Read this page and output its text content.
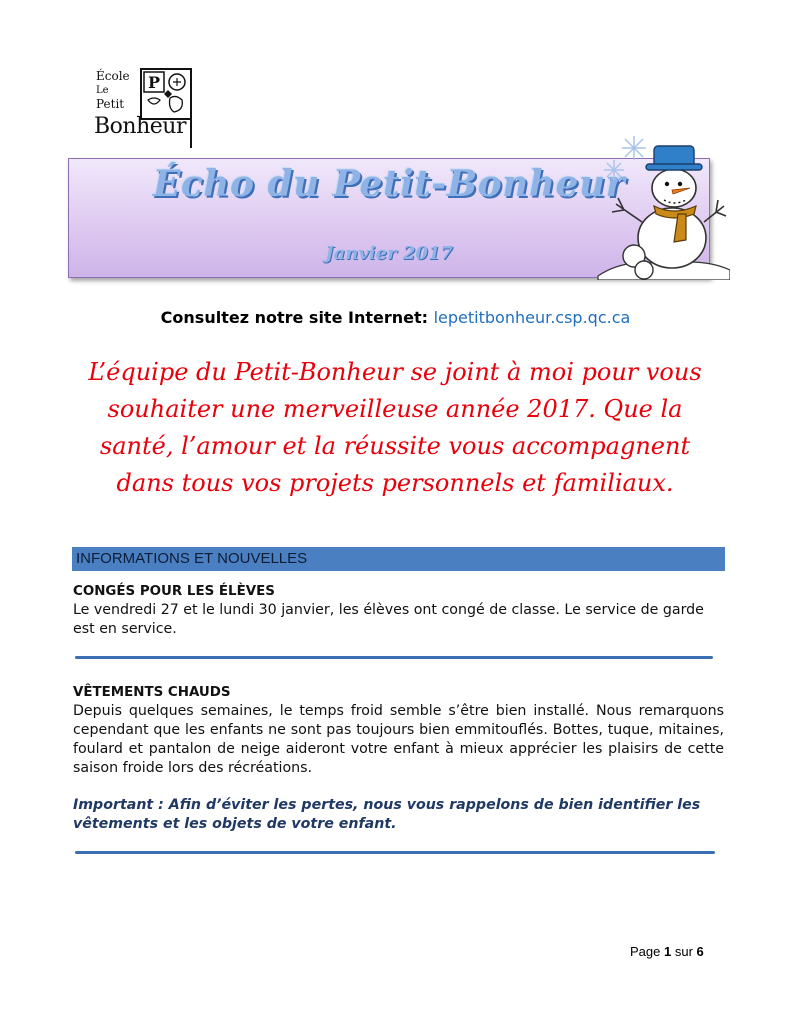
École
Le
Petit
Bonheur
P
Écho du Petit-Bonheur
Janvier 2017
Consultez notre site Internet: lepetitbonheur.csp.qc.ca
L’équipe du Petit-Bonheur se joint à moi pour vous souhaiter une merveilleuse année 2017. Que la santé, l’amour et la réussite vous accompagnent dans tous vos projets personnels et familiaux.
INFORMATIONS ET NOUVELLES
CONGÉS POUR LES ÉLÈVES
Le vendredi 27 et le lundi 30 janvier, les élèves ont congé de classe. Le service de garde est en service.
VÊTEMENTS CHAUDS
Depuis quelques semaines, le temps froid semble s’être bien installé. Nous remarquons cependant que les enfants ne sont pas toujours bien emmitouflés. Bottes, tuque, mitaines, foulard et pantalon de neige aideront votre enfant à mieux apprécier les plaisirs de cette saison froide lors des récréations.
Important : Afin d’éviter les pertes, nous vous rappelons de bien identifier les vêtements et les objets de votre enfant.
Page 1 sur 6
